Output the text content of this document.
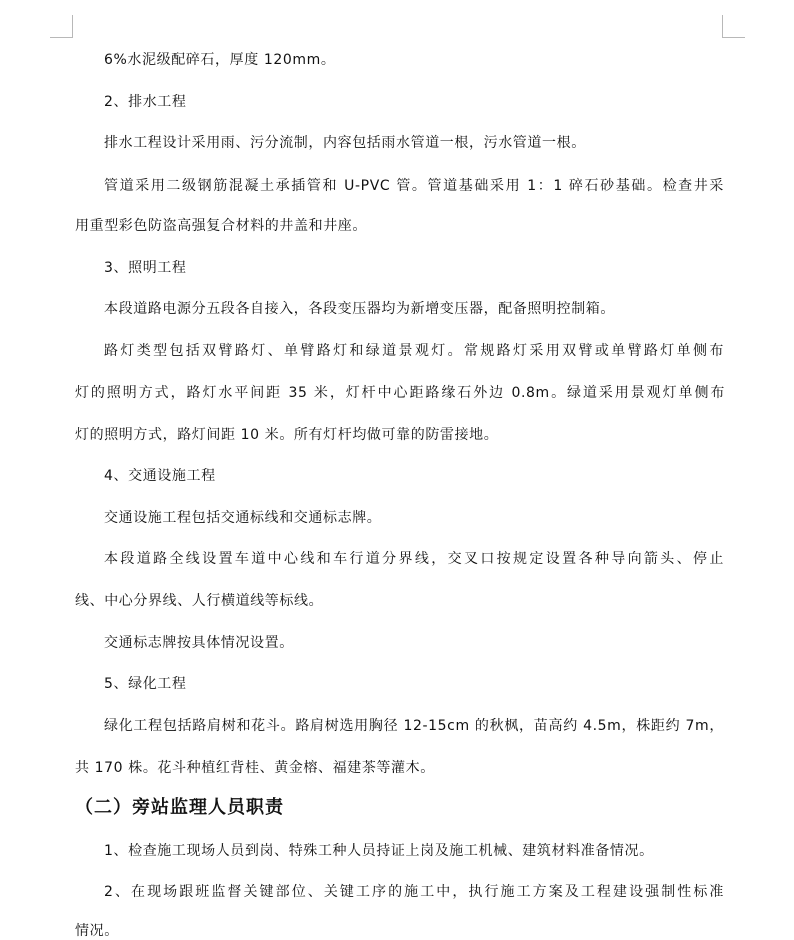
6%水泥级配碎石，厚度 120mm。
2、排水工程
排水工程设计采用雨、污分流制，内容包括雨水管道一根，污水管道一根。
管道采用二级钢筋混凝土承插管和 U-PVC 管。管道基础采用 1：1 碎石砂基础。检查井采
用重型彩色防盗高强复合材料的井盖和井座。
3、照明工程
本段道路电源分五段各自接入，各段变压器均为新增变压器，配备照明控制箱。
路灯类型包括双臂路灯、单臂路灯和绿道景观灯。常规路灯采用双臂或单臂路灯单侧布
灯的照明方式，路灯水平间距 35 米，灯杆中心距路缘石外边 0.8m。绿道采用景观灯单侧布
灯的照明方式，路灯间距 10 米。所有灯杆均做可靠的防雷接地。
4、交通设施工程
交通设施工程包括交通标线和交通标志牌。
本段道路全线设置车道中心线和车行道分界线，交叉口按规定设置各种导向箭头、停止
线、中心分界线、人行横道线等标线。
交通标志牌按具体情况设置。
5、绿化工程
绿化工程包括路肩树和花斗。路肩树选用胸径 12-15cm 的秋枫，苗高约 4.5m，株距约 7m，
共 170 株。花斗种植红背桂、黄金榕、福建茶等灌木。
（二）旁站监理人员职责
1、检查施工现场人员到岗、特殊工种人员持证上岗及施工机械、建筑材料准备情况。
2、在现场跟班监督关键部位、关键工序的施工中，执行施工方案及工程建设强制性标准
情况。
